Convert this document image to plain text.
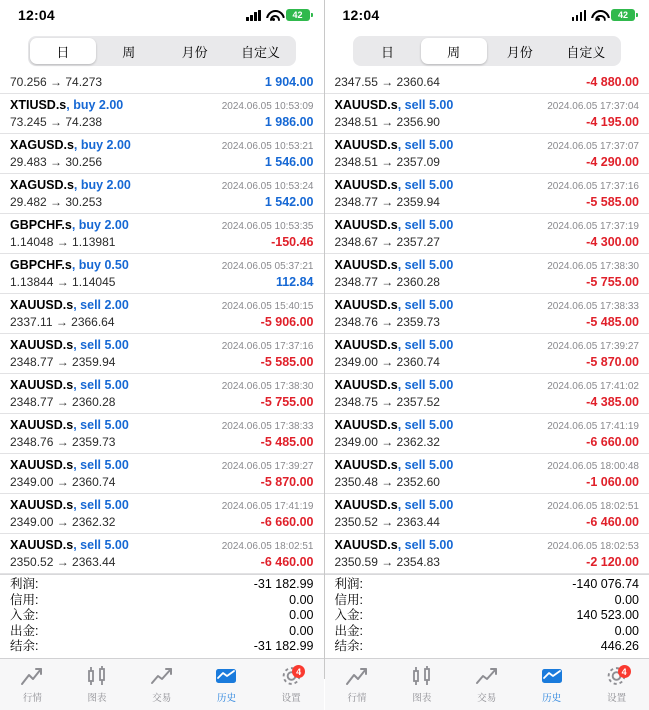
12:04	42
日	周	月份	自定义
70.256 → 74.273	1 904.00
XTIUSD.s, buy 2.00	2024.06.05 10:53:09
73.245 → 74.238	1 986.00
XAGUSD.s, buy 2.00	2024.06.05 10:53:21
29.483 → 30.256	1 546.00
XAGUSD.s, buy 2.00	2024.06.05 10:53:24
29.482 → 30.253	1 542.00
GBPCHF.s, buy 2.00	2024.06.05 10:53:35
1.14048 → 1.13981	-150.46
GBPCHF.s, buy 0.50	2024.06.05 05:37:21
1.13844 → 1.14045	112.84
XAUUSD.s, sell 2.00	2024.06.05 15:40:15
2337.11 → 2366.64	-5 906.00
XAUUSD.s, sell 5.00	2024.06.05 17:37:16
2348.77 → 2359.94	-5 585.00
XAUUSD.s, sell 5.00	2024.06.05 17:38:30
2348.77 → 2360.28	-5 755.00
XAUUSD.s, sell 5.00	2024.06.05 17:38:33
2348.76 → 2359.73	-5 485.00
XAUUSD.s, sell 5.00	2024.06.05 17:39:27
2349.00 → 2360.74	-5 870.00
XAUUSD.s, sell 5.00	2024.06.05 17:41:19
2349.00 → 2362.32	-6 660.00
XAUUSD.s, sell 5.00	2024.06.05 18:02:51
2350.52 → 2363.44	-6 460.00
利润:	-31 182.99
信用:	0.00
入金:	0.00
出金:	0.00
结余:	-31 182.99
行情	图表	交易	历史
4
设置
12:04	42
日	周	月份	自定义
2347.55 → 2360.64	-4 880.00
XAUUSD.s, sell 5.00	2024.06.05 17:37:04
2348.51 → 2356.90	-4 195.00
XAUUSD.s, sell 5.00	2024.06.05 17:37:07
2348.51 → 2357.09	-4 290.00
XAUUSD.s, sell 5.00	2024.06.05 17:37:16
2348.77 → 2359.94	-5 585.00
XAUUSD.s, sell 5.00	2024.06.05 17:37:19
2348.67 → 2357.27	-4 300.00
XAUUSD.s, sell 5.00	2024.06.05 17:38:30
2348.77 → 2360.28	-5 755.00
XAUUSD.s, sell 5.00	2024.06.05 17:38:33
2348.76 → 2359.73	-5 485.00
XAUUSD.s, sell 5.00	2024.06.05 17:39:27
2349.00 → 2360.74	-5 870.00
XAUUSD.s, sell 5.00	2024.06.05 17:41:02
2348.75 → 2357.52	-4 385.00
XAUUSD.s, sell 5.00	2024.06.05 17:41:19
2349.00 → 2362.32	-6 660.00
XAUUSD.s, sell 5.00	2024.06.05 18:00:48
2350.48 → 2352.60	-1 060.00
XAUUSD.s, sell 5.00	2024.06.05 18:02:51
2350.52 → 2363.44	-6 460.00
XAUUSD.s, sell 5.00	2024.06.05 18:02:53
2350.59 → 2354.83	-2 120.00
利润:	-140 076.74
信用:	0.00
入金:	140 523.00
出金:	0.00
结余:	446.26
行情	图表	交易	历史
4
设置
